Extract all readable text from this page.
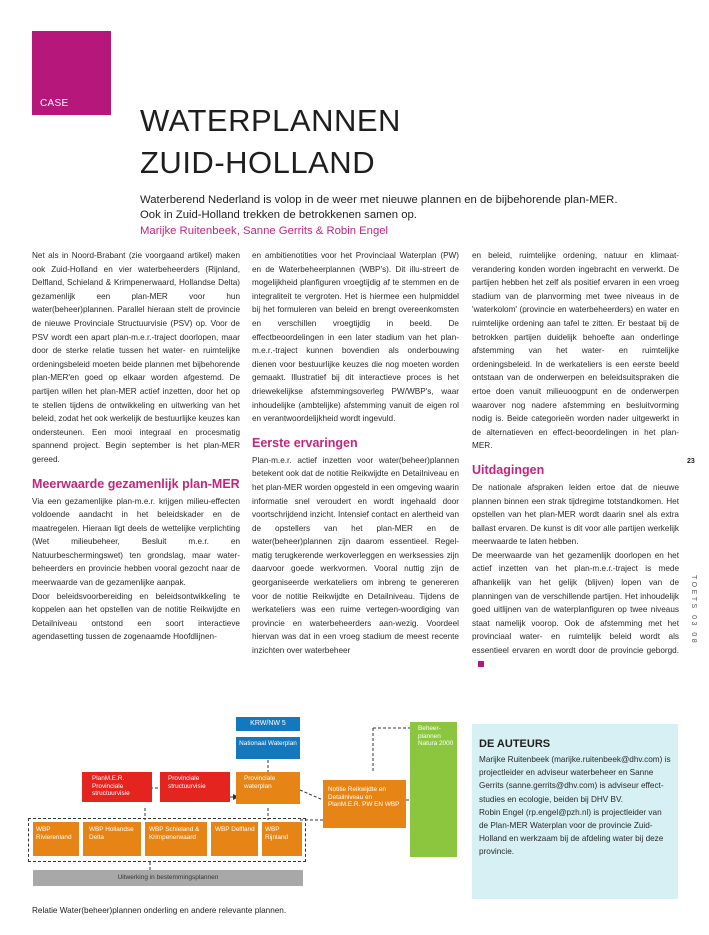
CASE WATERPLANNEN
ZUID-HOLLAND
Waterberend Nederland is volop in de weer met nieuwe plannen en de bijbehorende plan-MER.
Ook in Zuid-Holland trekken de betrokkenen samen op.
Marijke Ruitenbeek, Sanne Gerrits & Robin Engel

Net als in Noord-Brabant (zie voorgaand artikel) maken ook Zuid-Holland en vier waterbeheerders (Rijnland, Delfland, Schieland & Krimpenerwaard, Hollandse Delta) gezamenlijk een plan-MER voor hun water(beheer)plannen. Parallel hieraan stelt de provincie de nieuwe Provinciale Structuurvisie (PSV) op. Voor de PSV wordt een apart plan-m.e.r.-traject doorlopen, maar door de sterke relatie tussen het water- en ruimtelijke ordeningsbeleid moeten beide plannen met bijbehorende plan-MER'en goed op elkaar worden afgestemd. De partijen willen het plan-MER actief inzetten, door het op te stellen tijdens de ontwikkeling en uitwerking van het beleid, zodat het ook werkelijk de bestuurlijke keuzes kan ondersteunen. Een mooi integraal en procesmatig spannend project. Begin september is het plan-MER gereed.

Meerwaarde gezamenlijk plan-MER

Via een gezamenlijke plan-m.e.r. krijgen milieu-effecten voldoende aandacht in het beleidskader en de maatregelen. Hieraan ligt deels de wettelijke verplichting (Wet milieubeheer, Besluit m.e.r. en Natuurbeschermingswet) ten grondslag, maar water-beheerders en provincie hebben vooral gezocht naar de meerwaarde van de gezamenlijke aanpak.

Door beleidsvoorbereiding en beleidsontwikkeling te koppelen aan het opstellen van de notitie Reikwijdte en Detailniveau ontstond een soort interactieve agendasetting tussen de zogenaamde Hoofdlijnen-

en ambitienotities voor het Provinciaal Waterplan (PW) en de Waterbeheerplannen (WBP's). Dit illu-streert de mogelijkheid planfiguren vroegtijdig af te stemmen en de integraliteit te vergroten. Het is hiermee een hulpmiddel bij het formuleren van beleid en brengt overeenkomsten en verschillen vroegtijdig in beeld. De effectbeoordelingen in een later stadium van het plan-m.e.r.-traject kunnen bovendien als onderbouwing dienen voor bestuurlijke keuzes die nog moeten worden gemaakt. Illustratief bij dit interactieve proces is het driewekelijkse afstemmingsoverleg PW/WBP's, waar inhoudelijke (ambtelijke) afstemming vanuit de eigen rol en verantwoordelijkheid wordt ingevuld.

Eerste ervaringen

Plan-m.e.r. actief inzetten voor water(beheer)plannen betekent ook dat de notitie Reikwijdte en Detailniveau en het plan-MER worden opgesteld in een omgeving waarin informatie snel veroudert en wordt ingehaald door voortschrijdend inzicht. Intensief contact en alertheid van de opstellers van het plan-MER en de water(beheer)plannen zijn daarom essentieel. Regel-matig terugkerende werkoverleggen en werksessies zijn daarvoor goede werkvormen. Vooral nuttig zijn de georganiseerde werkateliers om inbreng te genereren voor de notitie Reikwijdte en Detailniveau. Tijdens de werkateliers was een ruime vertegen-woordiging van provincie en waterbeheerders aan-wezig. Voordeel hiervan was dat in een vroeg stadium de meest recente inzichten over waterbeheer

en beleid, ruimtelijke ordening, natuur en klimaat-verandering konden worden ingebracht en verwerkt. De partijen hebben het zelf als positief ervaren in een vroeg stadium van de planvorming met twee niveaus in de 'waterkolom' (provincie en waterbeheerders) en water en ruimtelijke ordening aan tafel te zitten. Er bestaat bij de betrokken partijen duidelijk behoefte aan onderlinge afstemming van het water- en ruimtelijke ordeningsbeleid. In de werkateliers is een eerste beeld ontstaan van de onderwerpen en beleidsuitspraken die ertoe doen vanuit milieuoogpunt en de onderwerpen waarover nog nadere afstemming en besluitvorming nodig is. Beide categorieën worden nader uitgewerkt in de alternatieven en effect-beoordelingen in het plan-MER.

Uitdagingen

De nationale afspraken leiden ertoe dat de nieuwe plannen binnen een strak tijdregime totstandkomen. Het opstellen van het plan-MER wordt daarin snel als extra ballast ervaren. De kunst is dit voor alle partijen werkelijk meerwaarde te laten hebben.

De meerwaarde van het gezamenlijk doorlopen en het actief inzetten van het plan-m.e.r.-traject is mede afhankelijk van het gelijk (blijven) lopen van de planningen van de verschillende partijen. Het inhoudelijk goed uitlijnen van de waterplanfiguren op twee niveaus staat namelijk voorop. Ook de afstemming met het provinciaal water- en ruimtelijk beleid wordt als essentieel ervaren en wordt door de provincie geborgd.

23
TOETS 03 08
KRW/NW 5
Nationaal Waterplan
Beheer-plannen Natura 2000
PlanM.E.R. Provinciale structuurvisie
Provinciale structuurvisie
Provinciale waterplan	Notitie Reikwijdte en Detailniveau en PlanM.E.R. PW EN WBP
WBP Rivierenland
WBP Hollandse Delta
WBP Schieland & Krimpenerwaard
WBP Delfland	WBP Rijnland
Uitwerking in bestemmingsplannen
Relatie Water(beheer)plannen onderling en andere relevante plannen.
DE AUTEURS

Marijke Ruitenbeek (marijke.ruitenbeek@dhv.com) is projectleider en adviseur waterbeheer en Sanne Gerrits (sanne.gerrits@dhv.com) is adviseur effect-studies en ecologie, beiden bij DHV BV.

Robin Engel (rp.engel@pzh.nl) is projectleider van de Plan-MER Waterplan voor de provincie Zuid-Holland en werkzaam bij de afdeling water bij deze provincie.
